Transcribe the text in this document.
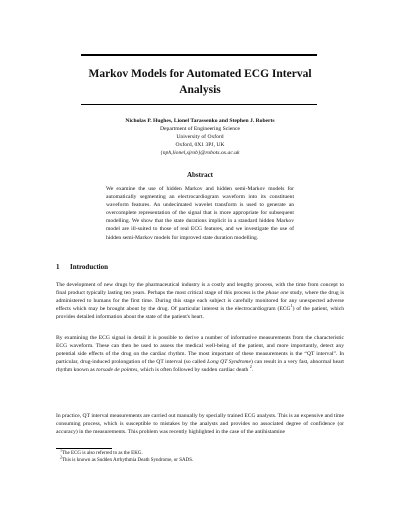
Markov Models for Automated ECG Interval Analysis
Nicholas P. Hughes, Lionel Tarassenko and Stephen J. Roberts
Department of Engineering Science
University of Oxford
Oxford, 0X1 3PJ, UK
{nph,lionel,sjrob}@robots.ox.ac.uk
Abstract
We examine the use of hidden Markov and hidden semi-Markov models for automatically segmenting an electrocardiogram waveform into its constituent waveform features. An undecimated wavelet transform is used to generate an overcomplete representation of the signal that is more appropriate for subsequent modelling. We show that the state durations implicit in a standard hidden Markov model are ill-suited to those of real ECG features, and we investigate the use of hidden semi-Markov models for improved state duration modelling.
1 Introduction
The development of new drugs by the pharmaceutical industry is a costly and lengthy process, with the time from concept to final product typically lasting ten years. Perhaps the most critical stage of this process is the phase one study, where the drug is administered to humans for the first time. During this stage each subject is carefully monitored for any unexpected adverse effects which may be brought about by the drug. Of particular interest is the electrocardiogram (ECG$^1$) of the patient, which provides detailed information about the state of the patient's heart.
By examining the ECG signal in detail it is possible to derive a number of informative measurements from the characteristic ECG waveform. These can then be used to assess the medical well-being of the patient, and more importantly, detect any potential side effects of the drug on the cardiac rhythm. The most important of these measurements is the “QT interval”. In particular, drug-induced prolongation of the QT interval (so called Long QT Syndrome) can result in a very fast, abnormal heart rhythm known as torsade de pointes, which is often followed by sudden cardiac death $^2$.
In practice, QT interval measurements are carried out manually by specially trained ECG analysts. This is an expensive and time consuming process, which is susceptible to mistakes by the analysts and provides no associated degree of confidence (or accuracy) in the measurements. This problem was recently highlighted in the case of the antihistamine
$^1$The ECG is also referred to as the EKG.
$^2$This is known as Sudden Arrhythmia Death Syndrome, or SADS.
